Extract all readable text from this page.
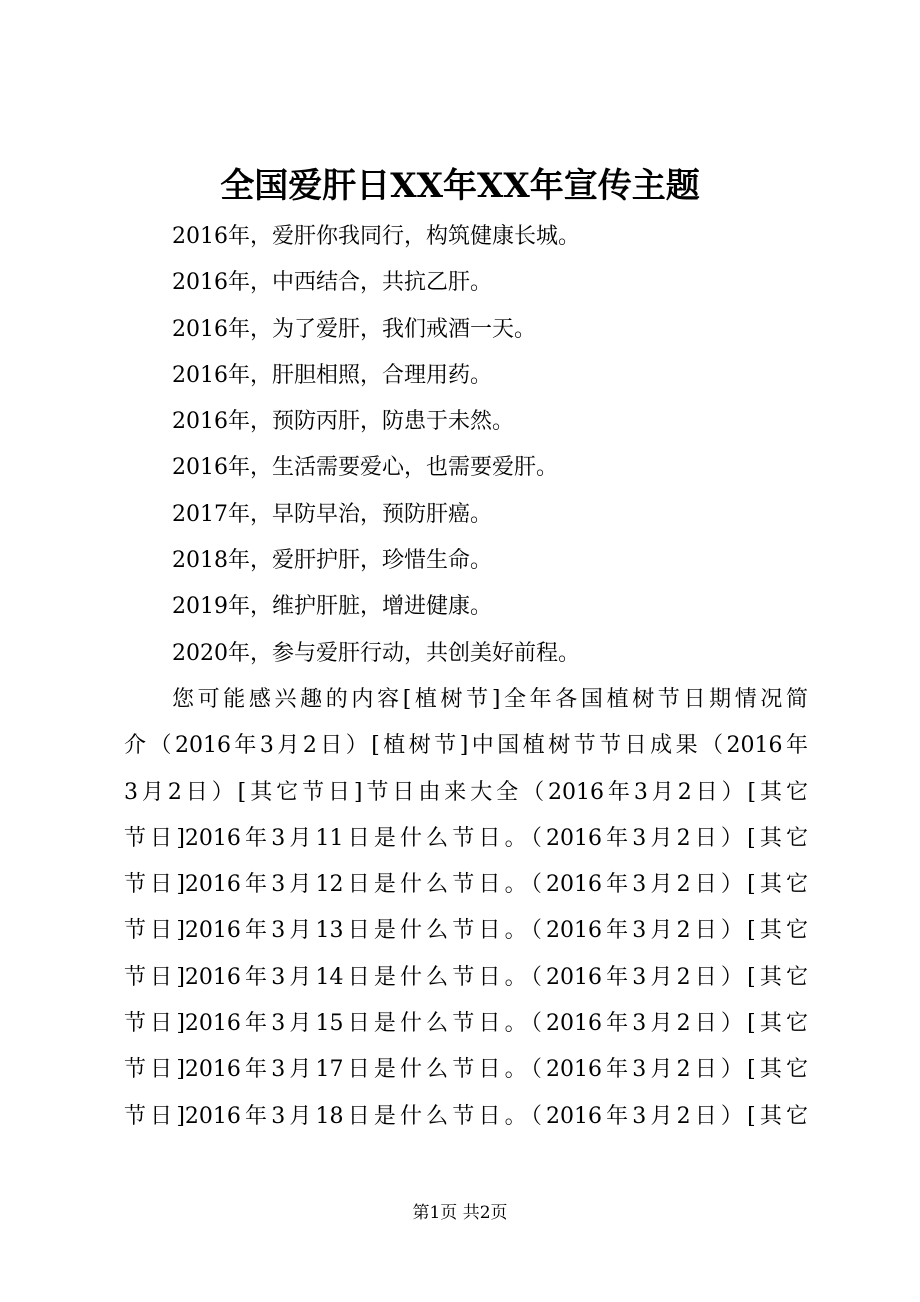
全国爱肝日XX年XX年宣传主题
2016年，爱肝你我同行，构筑健康长城。
2016年，中西结合，共抗乙肝。
2016年，为了爱肝，我们戒酒一天。
2016年，肝胆相照，合理用药。
2016年，预防丙肝，防患于未然。
2016年，生活需要爱心，也需要爱肝。
2017年，早防早治，预防肝癌。
2018年，爱肝护肝，珍惜生命。
2019年，维护肝脏，增进健康。
2020年，参与爱肝行动，共创美好前程。
您可能感兴趣的内容[植树节]全年各国植树节日期情况简
介（2016年3月2日）[植树节]中国植树节节日成果（2016年
3月2日）[其它节日]节日由来大全（2016年3月2日）[其它
节日]2016年3月11日是什么节日。（2016年3月2日）[其它
节日]2016年3月12日是什么节日。（2016年3月2日）[其它
节日]2016年3月13日是什么节日。（2016年3月2日）[其它
节日]2016年3月14日是什么节日。（2016年3月2日）[其它
节日]2016年3月15日是什么节日。（2016年3月2日）[其它
节日]2016年3月17日是什么节日。（2016年3月2日）[其它
节日]2016年3月18日是什么节日。（2016年3月2日）[其它
第1页 共2页
